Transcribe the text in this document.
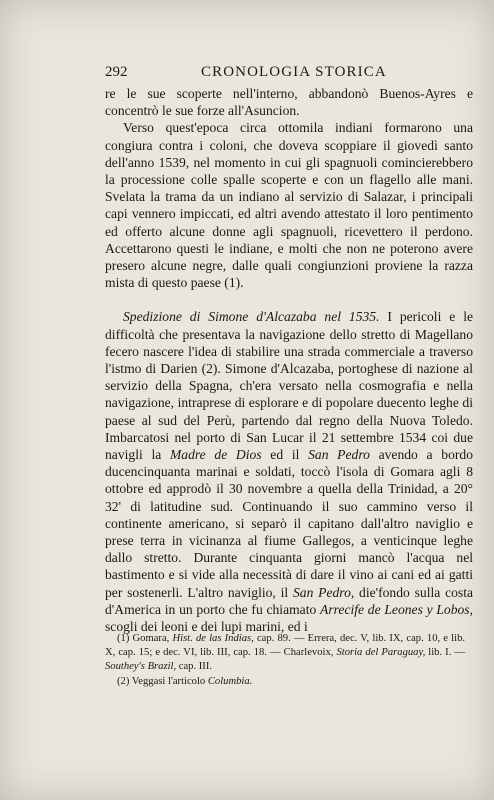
292	CRONOLOGIA STORICA

re le sue scoperte nell'interno, abbandonò Buenos-Ayres e concentrò le sue forze all'Asuncion.

Verso quest'epoca circa ottomila indiani formarono una congiura contra i coloni, che doveva scoppiare il giovedì santo dell'anno 1539, nel momento in cui gli spagnuoli comincierebbero la processione colle spalle scoperte e con un flagello alle mani. Svelata la trama da un indiano al servizio di Salazar, i principali capi vennero impiccati, ed altri avendo attestato il loro pentimento ed offerto alcune donne agli spagnuoli, ricevettero il perdono. Accettarono questi le indiane, e molti che non ne poterono avere presero alcune negre, dalle quali congiunzioni proviene la razza mista di questo paese (1).

Spedizione di Simone d'Alcazaba nel 1535. I pericoli e le difficoltà che presentava la navigazione dello stretto di Magellano fecero nascere l'idea di stabilire una strada commerciale a traverso l'istmo di Darien (2). Simone d'Alcazaba, portoghese di nazione al servizio della Spagna, ch'era versato nella cosmografia e nella navigazione, intraprese di esplorare e di popolare duecento leghe di paese al sud del Perù, partendo dal regno della Nuova Toledo. Imbarcatosi nel porto di San Lucar il 21 settembre 1534 coi due navigli la Madre de Dios ed il San Pedro avendo a bordo ducencinquanta marinai e soldati, toccò l'isola di Gomara agli 8 ottobre ed approdò il 30 novembre a quella della Trinidad, a 20° 32' di latitudine sud. Continuando il suo cammino verso il continente americano, si separò il capitano dall'altro naviglio e prese terra in vicinanza al fiume Gallegos, a venticinque leghe dallo stretto. Durante cinquanta giorni mancò l'acqua nel bastimento e si vide alla necessità di dare il vino ai cani ed ai gatti per sostenerli. L'altro naviglio, il San Pedro, die'fondo sulla costa d'America in un porto che fu chiamato Arrecife de Leones y Lobos, scogli dei leoni e dei lupi marini, ed i

(1) Gomara, Hist. de las Indias, cap. 89. — Errera, dec. V, lib. IX, cap. 10, e lib. X, cap. 15; e dec. VI, lib. III, cap. 18. — Charlevoix, Storia del Paraguay, lib. I. — Southey's Brazil, cap. III.

(2) Veggasi l'articolo Columbia.
